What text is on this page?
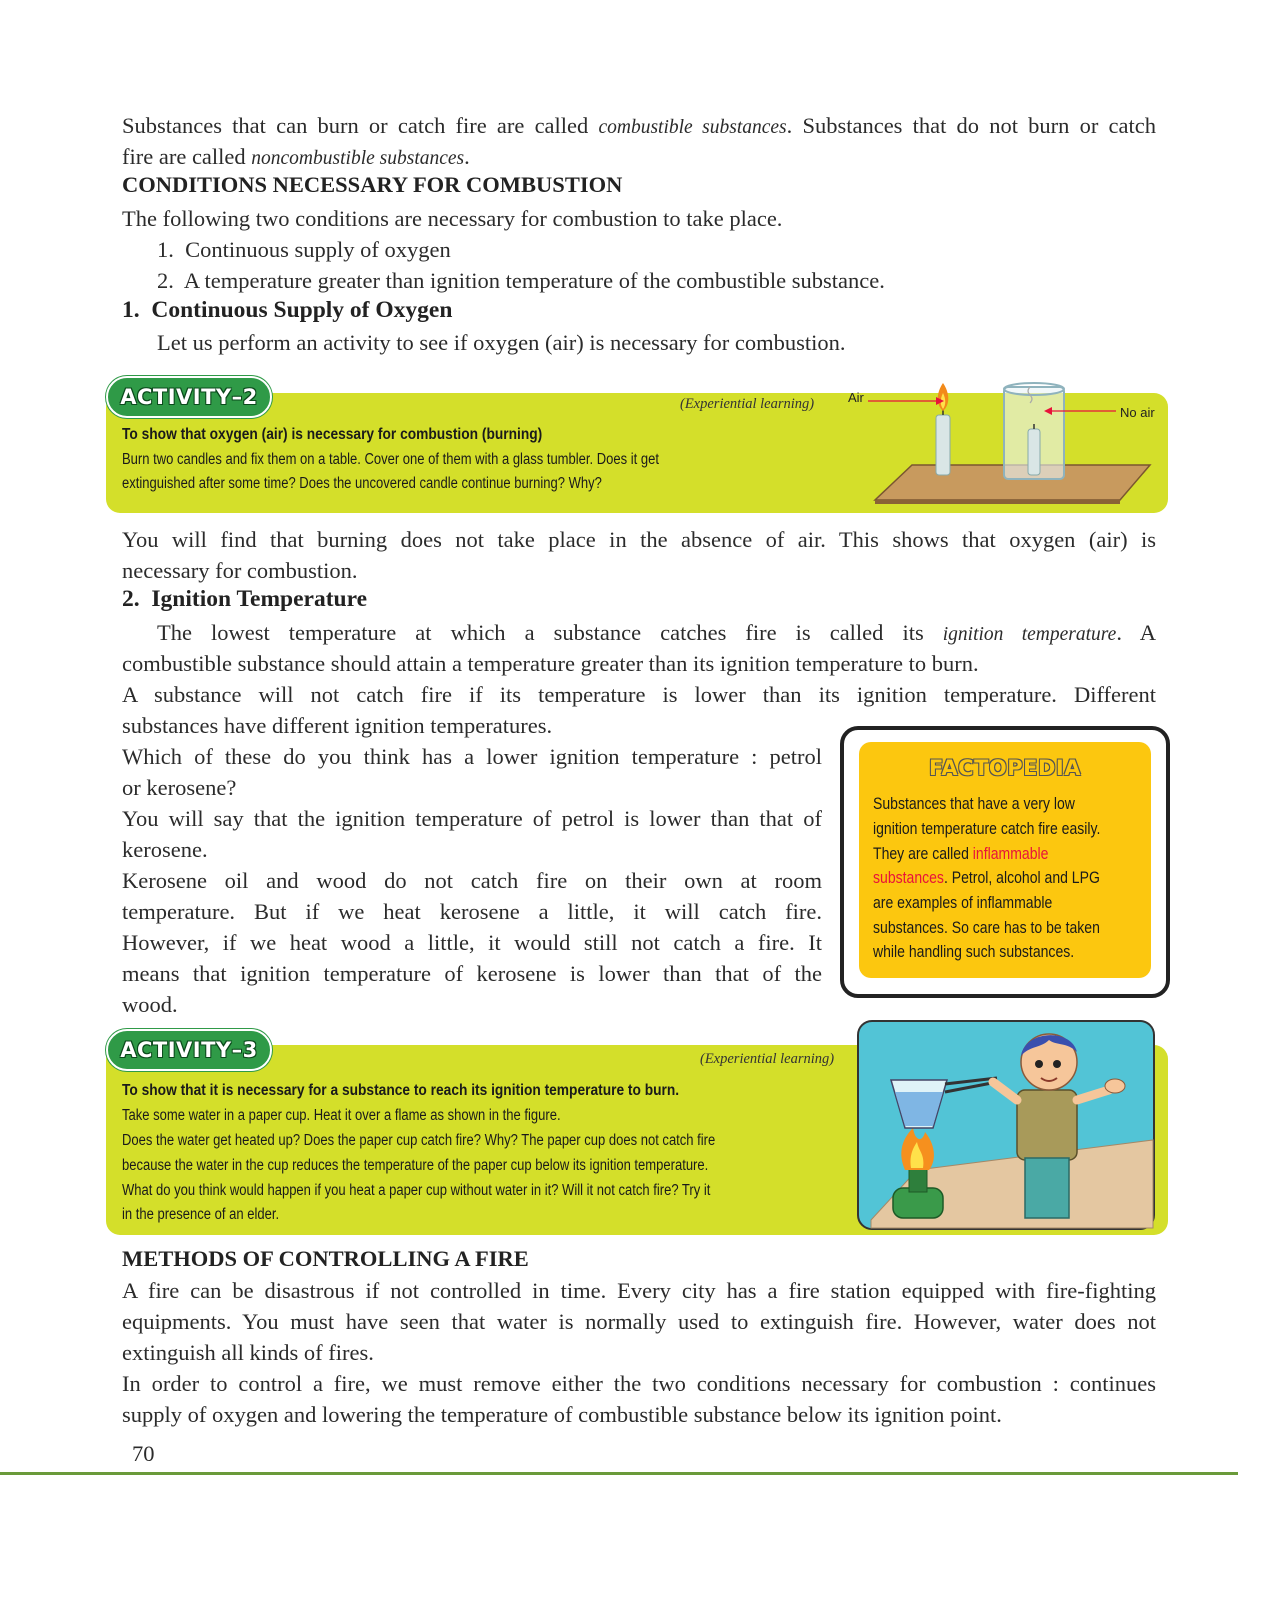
Substances that can burn or catch fire are called combustible substances. Substances that do not burn or catch
fire are called noncombustible substances.
CONDITIONS NECESSARY FOR COMBUSTION
The following two conditions are necessary for combustion to take place.
1. Continuous supply of oxygen
2. A temperature greater than ignition temperature of the combustible substance.
1. Continuous Supply of Oxygen
Let us perform an activity to see if oxygen (air) is necessary for combustion.
ACTIVITY–2	(Experiential learning)
To show that oxygen (air) is necessary for combustion (burning)
Burn two candles and fix them on a table. Cover one of them with a glass tumbler. Does it get
extinguished after some time? Does the uncovered candle continue burning? Why?
Air
No air
You will find that burning does not take place in the absence of air. This shows that oxygen (air) is
necessary for combustion.
2. Ignition Temperature
The lowest temperature at which a substance catches fire is called its ignition temperature. A
combustible substance should attain a temperature greater than its ignition temperature to burn.
A substance will not catch fire if its temperature is lower than its ignition temperature. Different
substances have different ignition temperatures.
Which of these do you think has a lower ignition temperature : petrol
or kerosene?
You will say that the ignition temperature of petrol is lower than that of
kerosene.
Kerosene oil and wood do not catch fire on their own at room
temperature. But if we heat kerosene a little, it will catch fire.
However, if we heat wood a little, it would still not catch a fire. It
means that ignition temperature of kerosene is lower than that of the
wood.
FACTOPEDIA
Substances that have a very low
ignition temperature catch fire easily.
They are called inflammable
substances. Petrol, alcohol and LPG
are examples of inflammable
substances. So care has to be taken
while handling such substances.
ACTIVITY–3	(Experiential learning)
To show that it is necessary for a substance to reach its ignition temperature to burn.
Take some water in a paper cup. Heat it over a flame as shown in the figure.
Does the water get heated up? Does the paper cup catch fire? Why? The paper cup does not catch fire
because the water in the cup reduces the temperature of the paper cup below its ignition temperature.
What do you think would happen if you heat a paper cup without water in it? Will it not catch fire? Try it
in the presence of an elder.
METHODS OF CONTROLLING A FIRE
A fire can be disastrous if not controlled in time. Every city has a fire station equipped with fire-fighting
equipments. You must have seen that water is normally used to extinguish fire. However, water does not
extinguish all kinds of fires.
In order to control a fire, we must remove either the two conditions necessary for combustion : continues
supply of oxygen and lowering the temperature of combustible substance below its ignition point.
70
